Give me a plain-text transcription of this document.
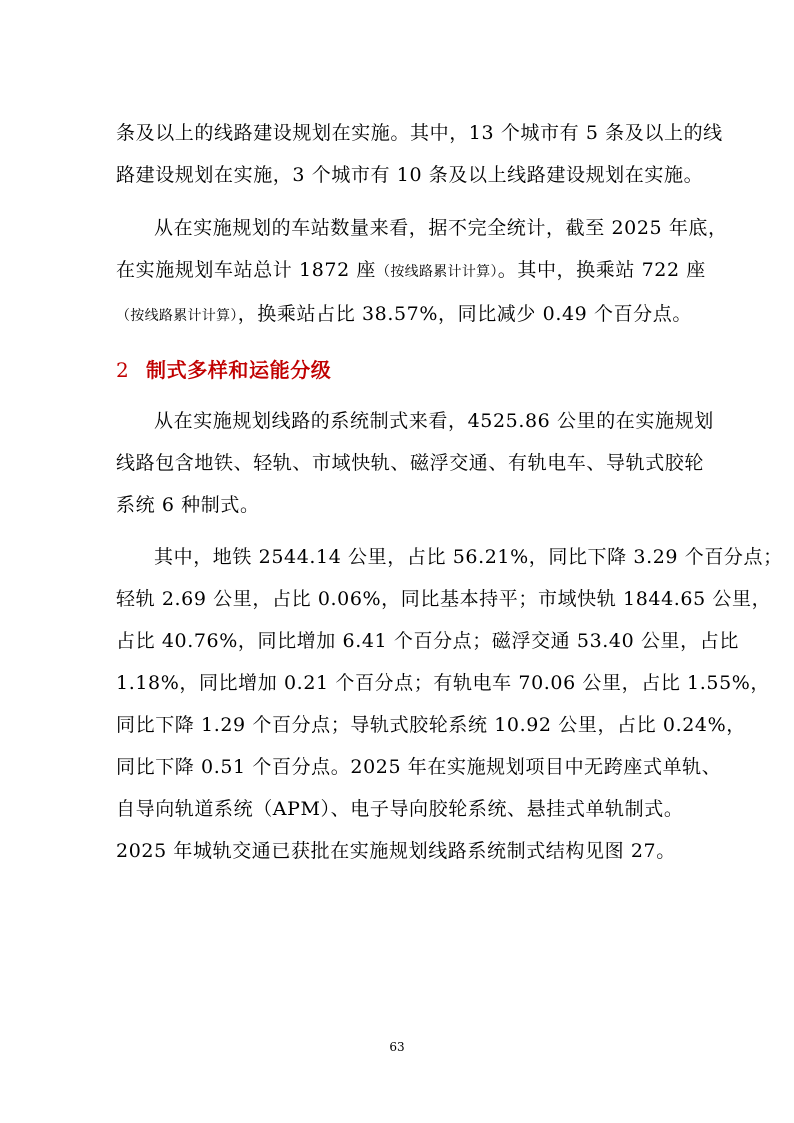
条及以上的线路建设规划在实施。其中，13 个城市有 5 条及以上的线
路建设规划在实施，3 个城市有 10 条及以上线路建设规划在实施。

从在实施规划的车站数量来看，据不完全统计，截至 2025 年底，
在实施规划车站总计 1872 座（按线路累计计算）。其中，换乘站 722 座
（按线路累计计算），换乘站占比 38.57%，同比减少 0.49 个百分点。

2 制式多样和运能分级

从在实施规划线路的系统制式来看，4525.86 公里的在实施规划
线路包含地铁、轻轨、市域快轨、磁浮交通、有轨电车、导轨式胶轮
系统 6 种制式。

其中，地铁 2544.14 公里，占比 56.21%，同比下降 3.29 个百分点；
轻轨 2.69 公里，占比 0.06%，同比基本持平；市域快轨 1844.65 公里，
占比 40.76%，同比增加 6.41 个百分点；磁浮交通 53.40 公里，占比
1.18%，同比增加 0.21 个百分点；有轨电车 70.06 公里，占比 1.55%，
同比下降 1.29 个百分点；导轨式胶轮系统 10.92 公里，占比 0.24%，
同比下降 0.51 个百分点。2025 年在实施规划项目中无跨座式单轨、
自导向轨道系统（APM）、电子导向胶轮系统、悬挂式单轨制式。
2025 年城轨交通已获批在实施规划线路系统制式结构见图 27。

63
